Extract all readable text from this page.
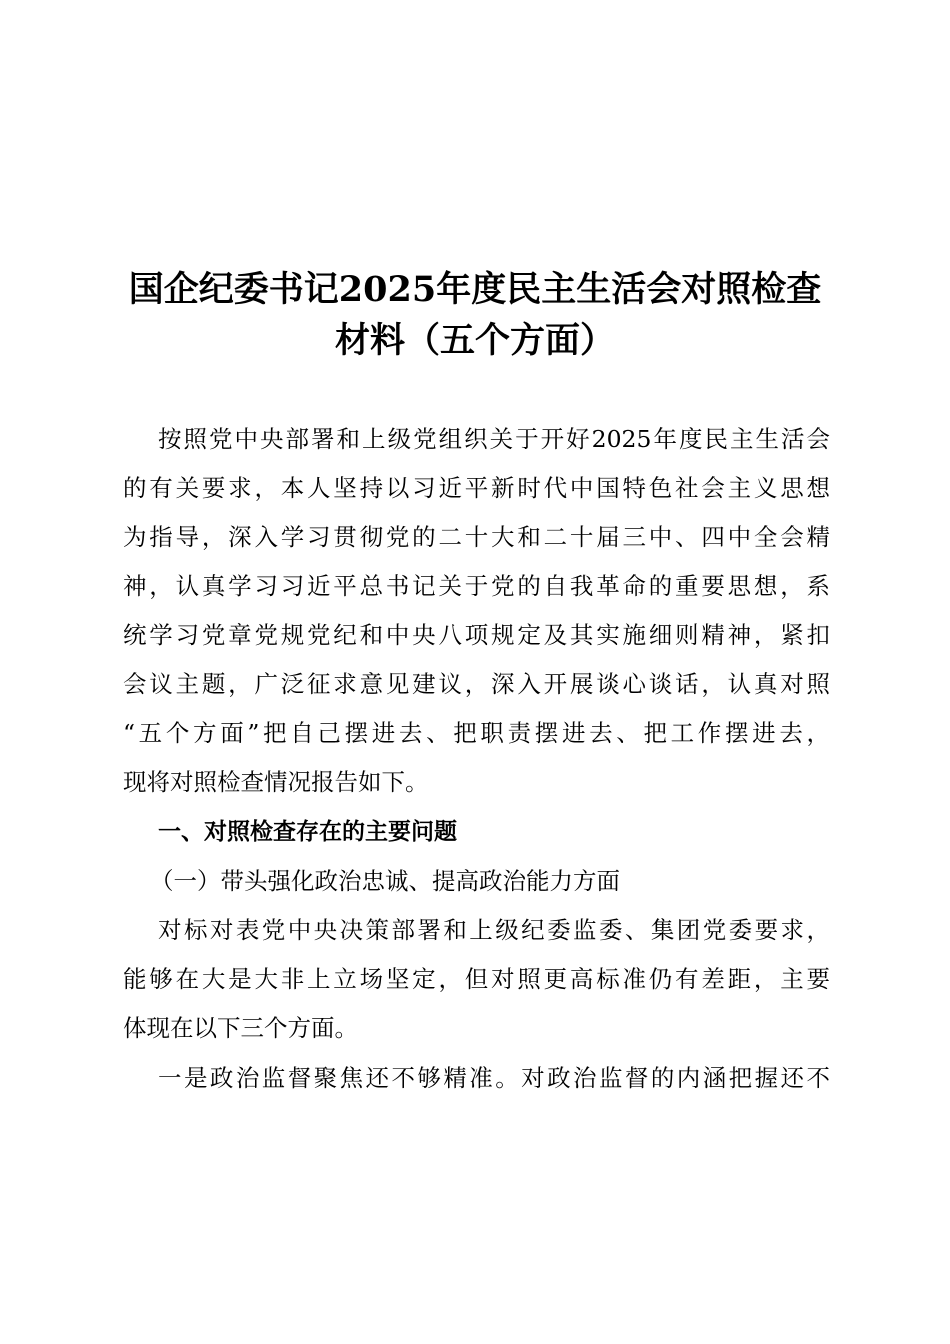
国企纪委书记2025年度民主生活会对照检查
材料（五个方面）
按照党中央部署和上级党组织关于开好2025年度民主生活会
的有关要求，本人坚持以习近平新时代中国特色社会主义思想
为指导，深入学习贯彻党的二十大和二十届三中、四中全会精
神，认真学习习近平总书记关于党的自我革命的重要思想，系
统学习党章党规党纪和中央八项规定及其实施细则精神，紧扣
会议主题，广泛征求意见建议，深入开展谈心谈话，认真对照
“五个方面”把自己摆进去、把职责摆进去、把工作摆进去，
现将对照检查情况报告如下。
一、对照检查存在的主要问题
（一）带头强化政治忠诚、提高政治能力方面
对标对表党中央决策部署和上级纪委监委、集团党委要求，
能够在大是大非上立场坚定，但对照更高标准仍有差距，主要
体现在以下三个方面。
一是政治监督聚焦还不够精准。对政治监督的内涵把握还不
